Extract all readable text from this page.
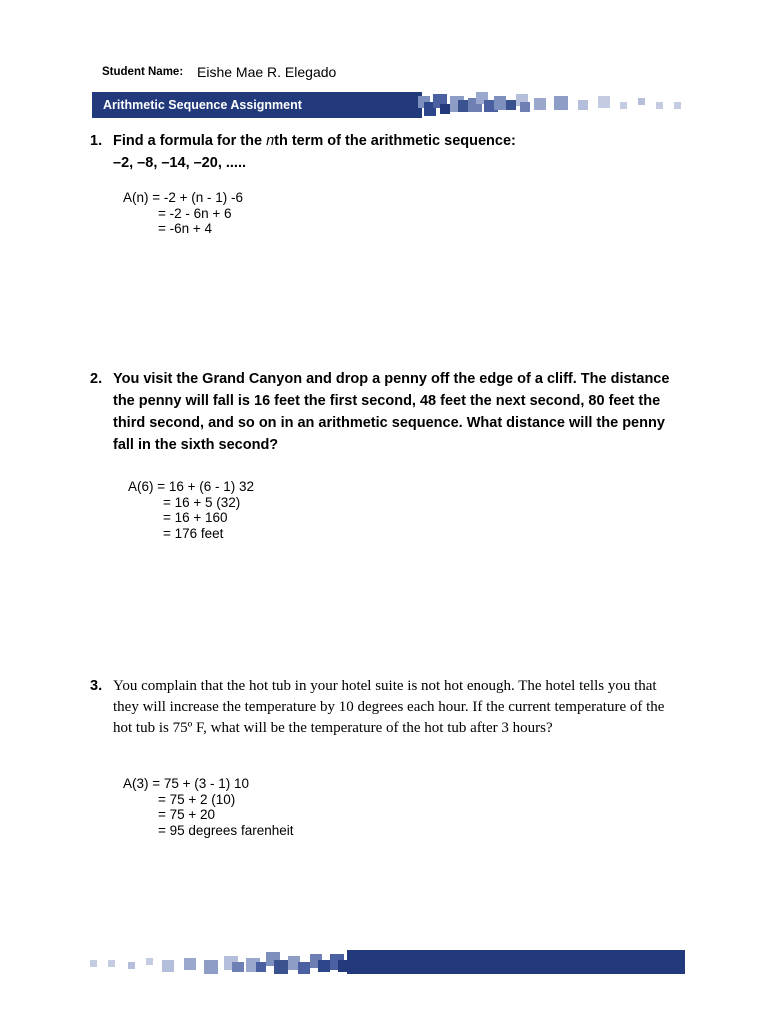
Student Name: Eishe Mae R. Elegado
Arithmetic Sequence Assignment
1. Find a formula for the nth term of the arithmetic sequence:
–2, –8, –14, –20, .....
A(n) = -2 + (n - 1) -6
= -2 - 6n + 6
= -6n + 4
2. You visit the Grand Canyon and drop a penny off the edge of a cliff. The distance the penny will fall is 16 feet the first second, 48 feet the next second, 80 feet the third second, and so on in an arithmetic sequence. What distance will the penny fall in the sixth second?
A(6) = 16 + (6 - 1) 32
= 16 + 5 (32)
= 16 + 160
= 176 feet
3. You complain that the hot tub in your hotel suite is not hot enough. The hotel tells you that they will increase the temperature by 10 degrees each hour. If the current temperature of the hot tub is 75º F, what will be the temperature of the hot tub after 3 hours?
A(3) = 75 + (3 - 1) 10
= 75 + 2 (10)
= 75 + 20
= 95 degrees farenheit
